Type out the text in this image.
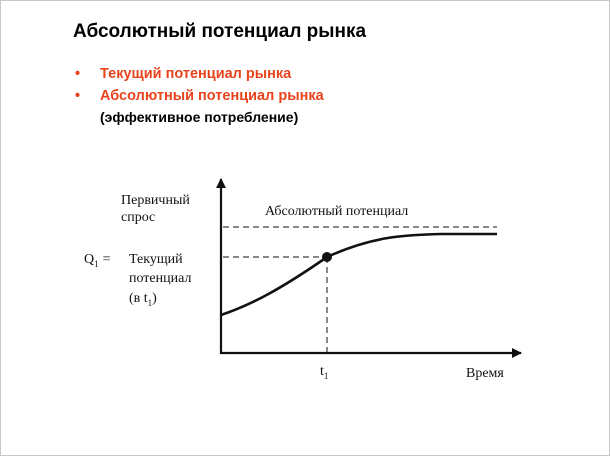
Абсолютный потенциал рынка
• Текущий потенциал рынка
• Абсолютный потенциал рынка
(эффективное потребление)
Первичный
спрос	Абсолютный потенциал
$Q_1$ = Текущий
потенциал
(в $t_1$)
$t_1$	Время
